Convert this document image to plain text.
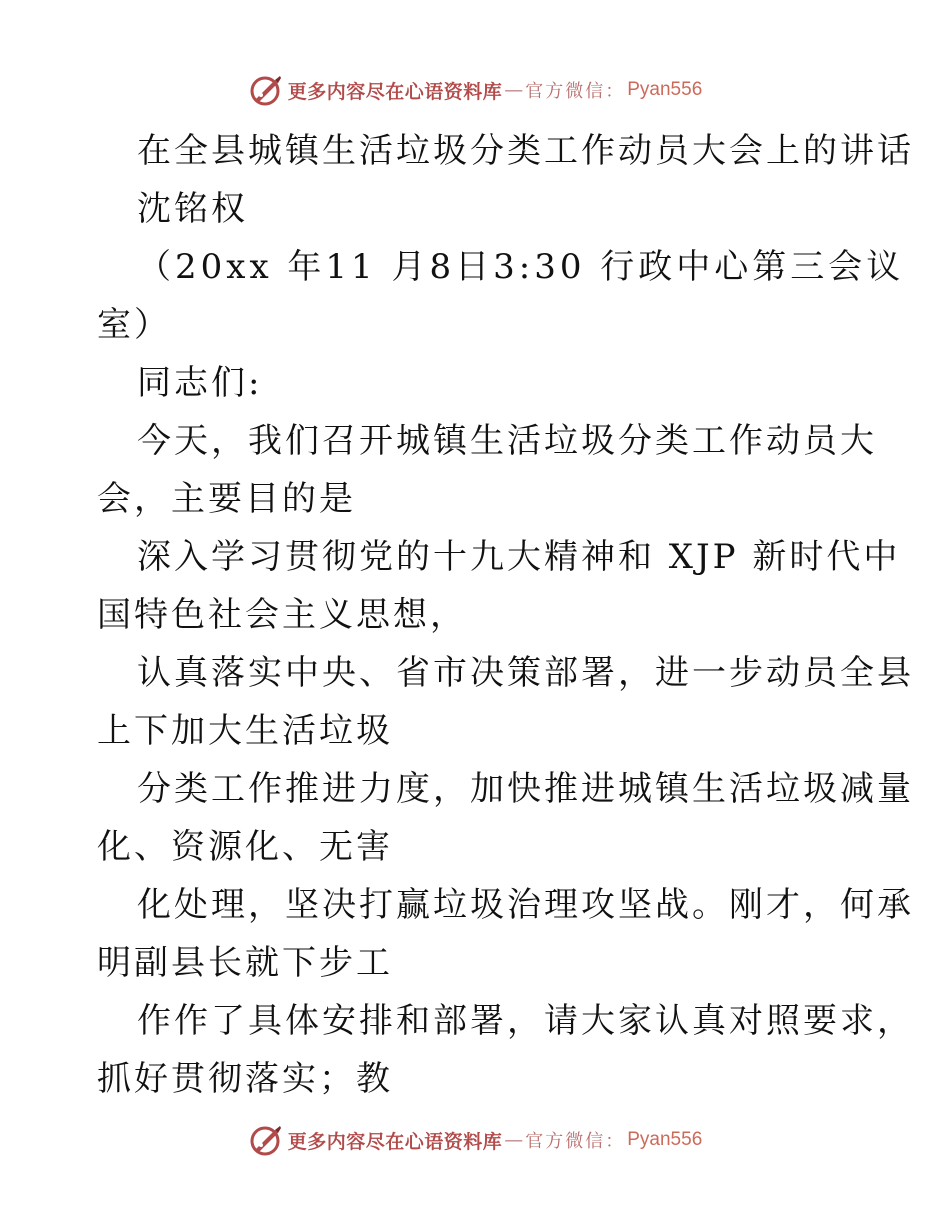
更多内容尽在心语资料库 — 官方微信： Pyan556
在全县城镇生活垃圾分类工作动员大会上的讲话
沈铭权
（20xx 年11 月8日3:30 行政中心第三会议
室）
同志们:
今天，我们召开城镇生活垃圾分类工作动员大
会，主要目的是
深入学习贯彻党的十九大精神和 XJP 新时代中
国特色社会主义思想，
认真落实中央、省市决策部署，进一步动员全县
上下加大生活垃圾
分类工作推进力度，加快推进城镇生活垃圾减量
化、资源化、无害
化处理，坚决打赢垃圾治理攻坚战。刚才，何承
明副县长就下步工
作作了具体安排和部署，请大家认真对照要求，
抓好贯彻落实；教
更多内容尽在心语资料库 — 官方微信： Pyan556
